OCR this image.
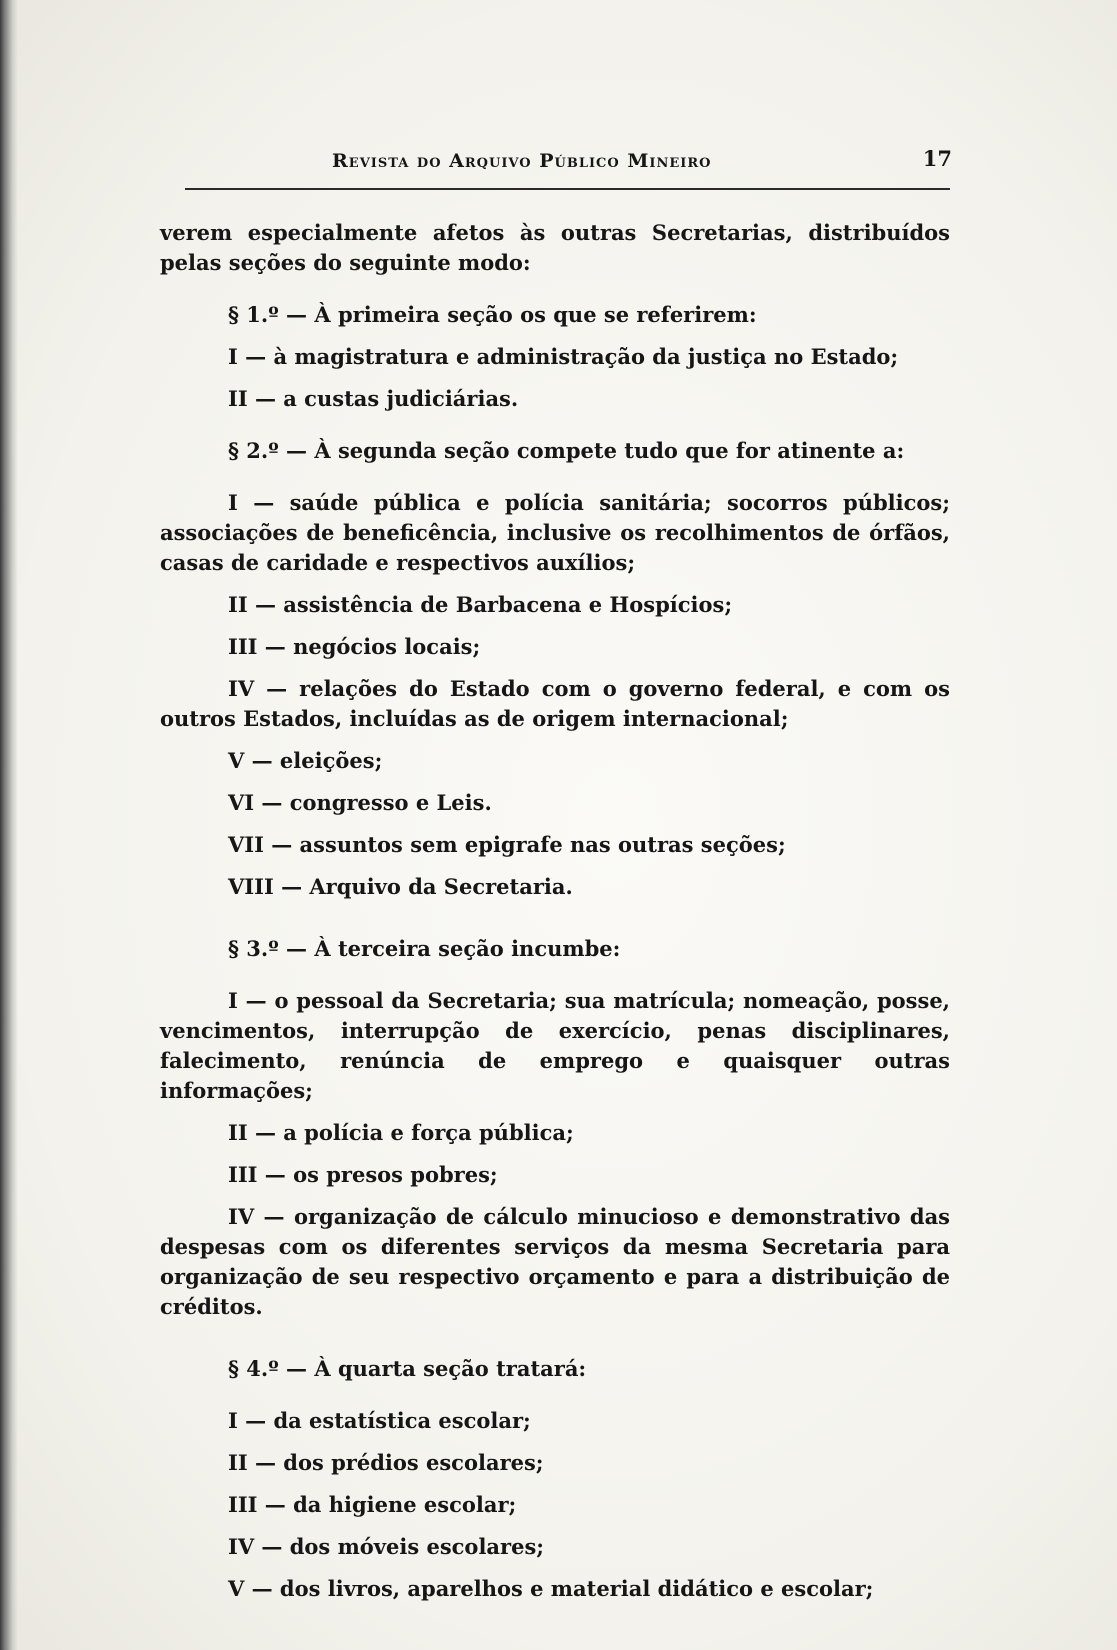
Revista do Arquivo Público Mineiro	17

verem especialmente afetos às outras Secretarias, distribuídos pelas seções do seguinte modo:

§ 1.º — À primeira seção os que se referirem:

I — à magistratura e administração da justiça no Estado;

II — a custas judiciárias.

§ 2.º — À segunda seção compete tudo que for atinente a:

I — saúde pública e polícia sanitária; socorros públicos; associações de beneficência, inclusive os recolhimentos de órfãos, casas de caridade e respectivos auxílios;

II — assistência de Barbacena e Hospícios;

III — negócios locais;

IV — relações do Estado com o governo federal, e com os outros Estados, incluídas as de origem internacional;

V — eleições;

VI — congresso e Leis.

VII — assuntos sem epigrafe nas outras seções;

VIII — Arquivo da Secretaria.

§ 3.º — À terceira seção incumbe:

I — o pessoal da Secretaria; sua matrícula; nomeação, posse, vencimentos, interrupção de exercício, penas disciplinares, falecimento, renúncia de emprego e quaisquer outras informações;

II — a polícia e força pública;

III — os presos pobres;

IV — organização de cálculo minucioso e demonstrativo das despesas com os diferentes serviços da mesma Secretaria para organização de seu respectivo orçamento e para a distribuição de créditos.

§ 4.º — À quarta seção tratará:

I — da estatística escolar;

II — dos prédios escolares;

III — da higiene escolar;

IV — dos móveis escolares;

V — dos livros, aparelhos e material didático e escolar;
